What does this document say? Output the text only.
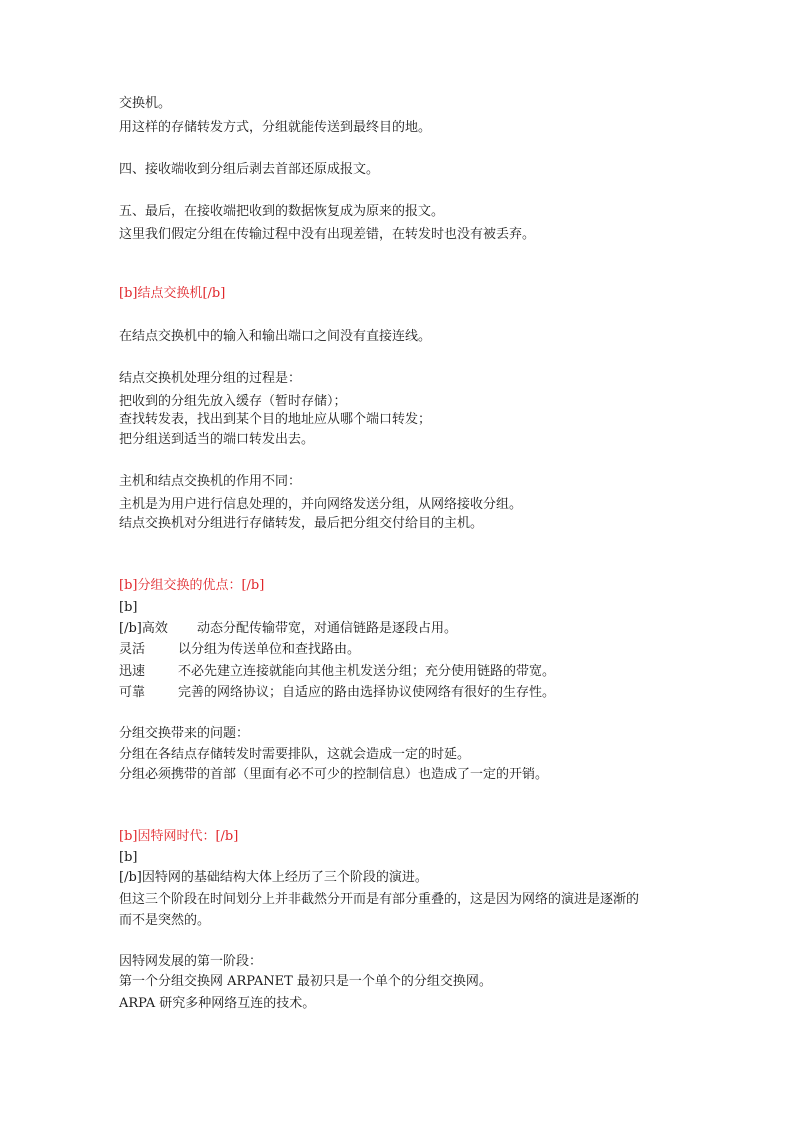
交换机。
用这样的存储转发方式，分组就能传送到最终目的地。
四、接收端收到分组后剥去首部还原成报文。
五、最后，在接收端把收到的数据恢复成为原来的报文。
这里我们假定分组在传输过程中没有出现差错，在转发时也没有被丢弃。
[b]结点交换机[/b]
在结点交换机中的输入和输出端口之间没有直接连线。
结点交换机处理分组的过程是：
把收到的分组先放入缓存（暂时存储）；
查找转发表，找出到某个目的地址应从哪个端口转发；
把分组送到适当的端口转发出去。
主机和结点交换机的作用不同：
主机是为用户进行信息处理的，并向网络发送分组，从网络接收分组。
结点交换机对分组进行存储转发，最后把分组交付给目的主机。
[b]分组交换的优点：[/b]
[b]
[/b]高效 动态分配传输带宽，对通信链路是逐段占用。
灵活	以分组为传送单位和查找路由。
迅速	不必先建立连接就能向其他主机发送分组；充分使用链路的带宽。
可靠	完善的网络协议；自适应的路由选择协议使网络有很好的生存性。
分组交换带来的问题：
分组在各结点存储转发时需要排队，这就会造成一定的时延。
分组必须携带的首部（里面有必不可少的控制信息）也造成了一定的开销。
[b]因特网时代：[/b]
[b]
[/b]因特网的基础结构大体上经历了三个阶段的演进。
但这三个阶段在时间划分上并非截然分开而是有部分重叠的，这是因为网络的演进是逐渐的
而不是突然的。
因特网发展的第一阶段：
第一个分组交换网 ARPANET 最初只是一个单个的分组交换网。
ARPA 研究多种网络互连的技术。
